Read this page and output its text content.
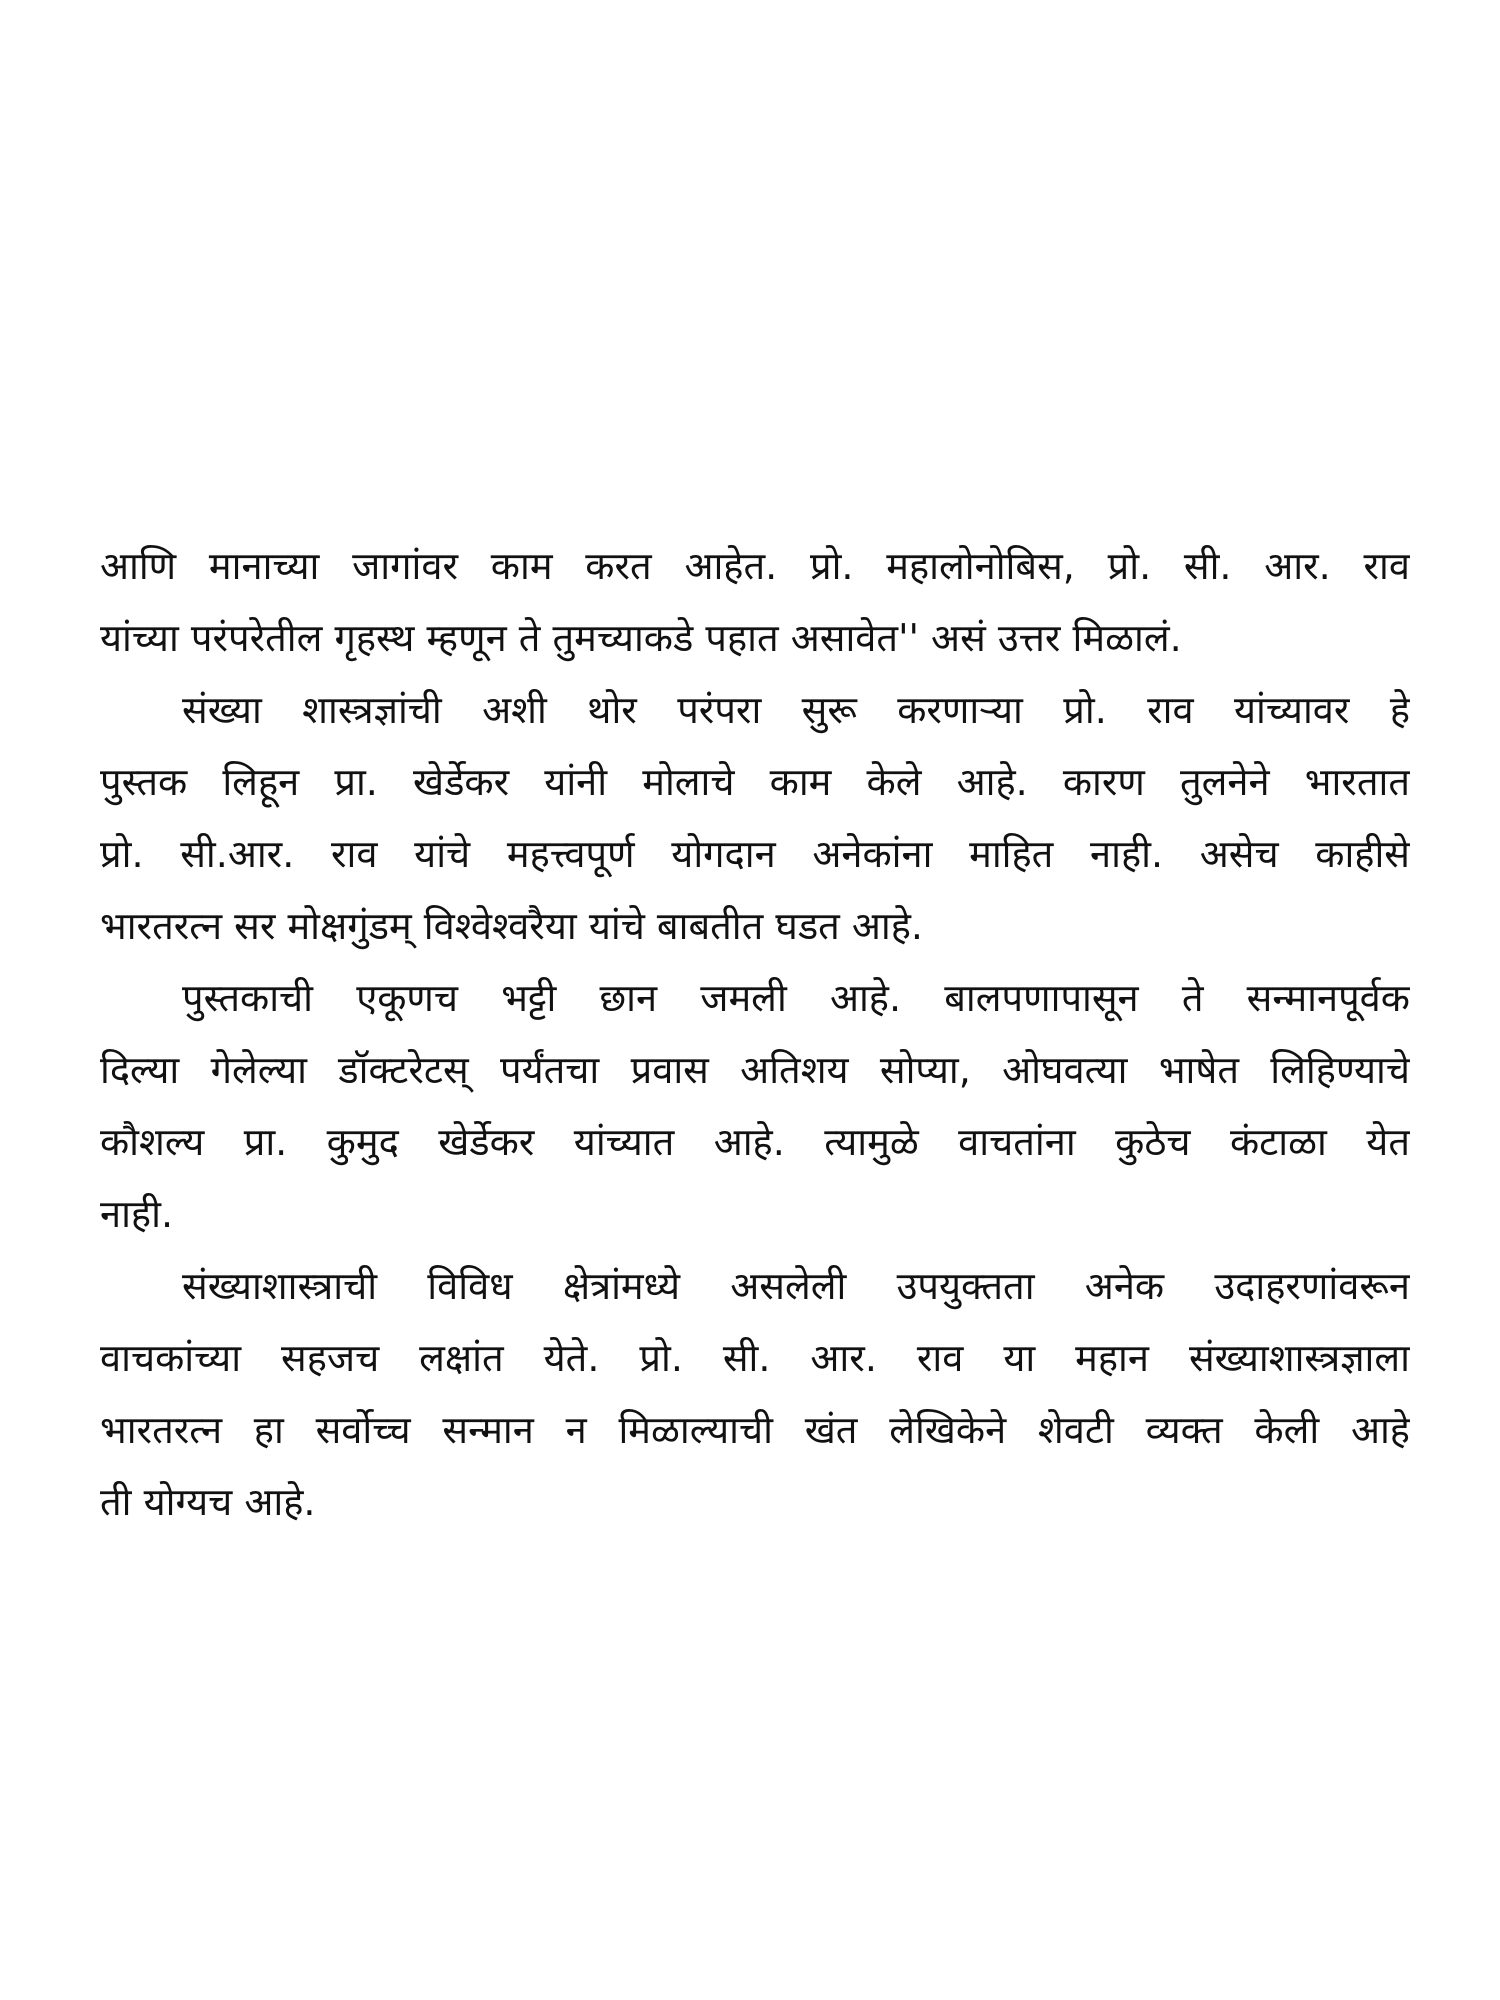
आणि मानाच्या जागांवर काम करत आहेत. प्रो. महालोनोबिस, प्रो. सी. आर. राव
यांच्या परंपरेतील गृहस्थ म्हणून ते तुमच्याकडे पहात असावेत'' असं उत्तर मिळालं.
संख्या शास्त्रज्ञांची अशी थोर परंपरा सुरू करणाऱ्या प्रो. राव यांच्यावर हे
पुस्तक लिहून प्रा. खेर्डेकर यांनी मोलाचे काम केले आहे. कारण तुलनेने भारतात
प्रो. सी.आर. राव यांचे महत्त्वपूर्ण योगदान अनेकांना माहित नाही. असेच काहीसे
भारतरत्न सर मोक्षगुंडम् विश्वेश्वरैया यांचे बाबतीत घडत आहे.
पुस्तकाची एकूणच भट्टी छान जमली आहे. बालपणापासून ते सन्मानपूर्वक
दिल्या गेलेल्या डॉक्टरेटस् पर्यंतचा प्रवास अतिशय सोप्या, ओघवत्या भाषेत लिहिण्याचे
कौशल्य प्रा. कुमुद खेर्डेकर यांच्यात आहे. त्यामुळे वाचतांना कुठेच कंटाळा येत
नाही.
संख्याशास्त्राची विविध क्षेत्रांमध्ये असलेली उपयुक्तता अनेक उदाहरणांवरून
वाचकांच्या सहजच लक्षांत येते. प्रो. सी. आर. राव या महान संख्याशास्त्रज्ञाला
भारतरत्न हा सर्वोच्च सन्मान न मिळाल्याची खंत लेखिकेने शेवटी व्यक्त केली आहे
ती योग्यच आहे.
